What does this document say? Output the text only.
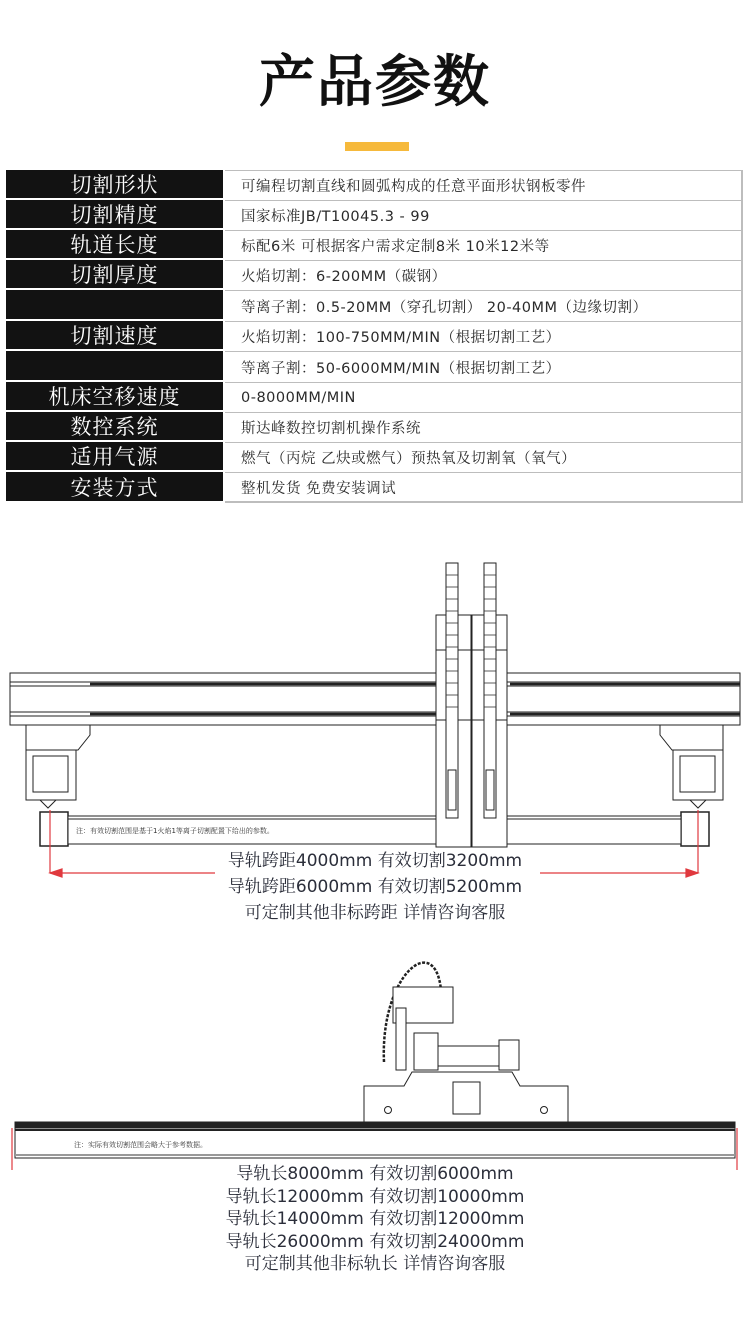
产品参数
切割形状	可编程切割直线和圆弧构成的任意平面形状钢板零件
切割精度	国家标准JB/T10045.3 - 99
轨道长度	标配6米 可根据客户需求定制8米 10米12米等
切割厚度	火焰切割：6-200MM（碳钢）
等离子割：0.5-20MM（穿孔切割） 20-40MM（边缘切割）
切割速度	火焰切割：100-750MM/MIN（根据切割工艺）
等离子割：50-6000MM/MIN（根据切割工艺）
机床空移速度	0-8000MM/MIN
数控系统	斯达峰数控切割机操作系统
适用气源	燃气（丙烷 乙炔或燃气）预热氧及切割氧（氧气）
安装方式	整机发货 免费安装调试
注：有效切割范围是基于1火焰1等离子切割配置下给出的参数。
导轨跨距4000mm 有效切割3200mm
导轨跨距6000mm 有效切割5200mm
可定制其他非标跨距 详情咨询客服
注：实际有效切割范围会略大于参考数据。
导轨长8000mm 有效切割6000mm
导轨长12000mm 有效切割10000mm
导轨长14000mm 有效切割12000mm
导轨长26000mm 有效切割24000mm
可定制其他非标轨长 详情咨询客服
